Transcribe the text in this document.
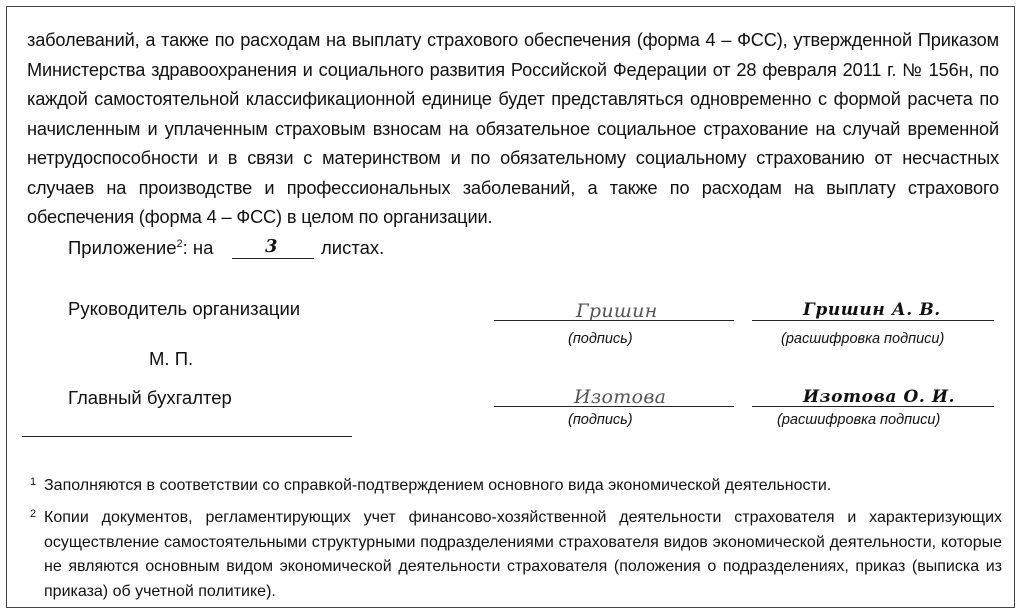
заболеваний, а также по расходам на выплату страхового обеспечения (форма 4 – ФСС), утвержденной Приказом Министерства здравоохранения и социального развития Российской Федерации от 28 февраля 2011 г. № 156н, по каждой самостоятельной классификационной единице будет представляться одновременно с формой расчета по начисленным и уплаченным страховым взносам на обязательное социальное страхование на случай временной нетрудоспособности и в связи с материнством и по обязательному социальному страхованию от несчастных случаев на производстве и профессиональных заболеваний, а также по расходам на выплату страхового обеспечения (форма 4 – ФСС) в целом по организации.

Приложение$^2$: на	3 листах.
Руководитель организации	Гришин
(подпись)
Гришин А. В.
(расшифровка подписи)
М. П.
Главный бухгалтер	Изотова
(подпись)
Изотова О. И.
(расшифровка подписи)
1 Заполняются в соответствии со справкой-подтверждением основного вида экономической деятельности.

2 Копии документов, регламентирующих учет финансово-хозяйственной деятельности страхователя и характеризующих осуществление самостоятельными структурными подразделениями страхователя видов экономической деятельности, которые не являются основным видом экономической деятельности страхователя (положения о подразделениях, приказ (выписка из приказа) об учетной политике).
